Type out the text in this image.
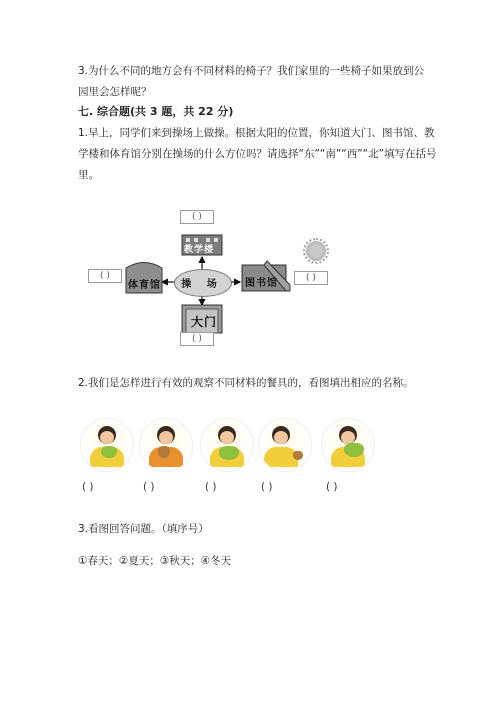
3.为什么不同的地方会有不同材料的椅子？我们家里的一些椅子如果放到公园里会怎样呢？

七. 综合题(共 3 题，共 22 分)

1.早上，同学们来到操场上做操。根据太阳的位置，你知道大门、图书馆、教学楼和体育馆分别在操场的什么方位吗？请选择“东”“南”“西”“北”填写在括号里。

( )
( )	( )
( )
教学楼
体育馆	图书馆
大门
操 场

2.我们是怎样进行有效的观察不同材料的餐具的，看图填出相应的名称。

( )	( )	( )	( )	( )

3.看图回答问题。（填序号）

①春天；②夏天；③秋天；④冬天
